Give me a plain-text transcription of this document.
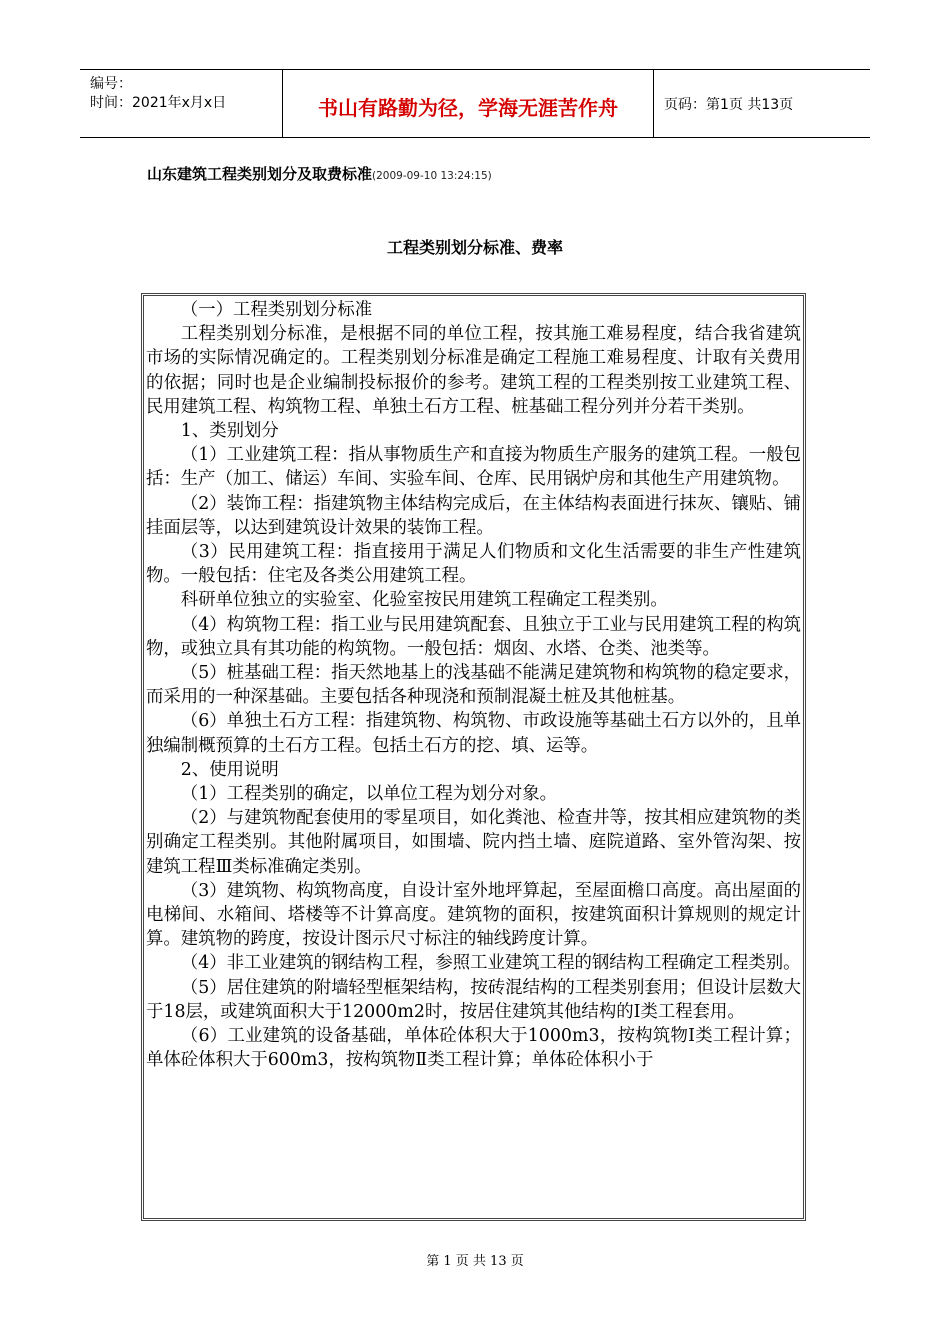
编号：
时间：2021年x月x日	书山有路勤为径，学海无涯苦作舟	页码：第1页 共13页
山东建筑工程类别划分及取费标准(2009-09-10 13:24:15)
工程类别划分标准、费率

（一）工程类别划分标准

工程类别划分标准，是根据不同的单位工程，按其施工难易程度，结合我省建筑市场的实际情况确定的。工程类别划分标准是确定工程施工难易程度、计取有关费用的依据；同时也是企业编制投标报价的参考。建筑工程的工程类别按工业建筑工程、民用建筑工程、构筑物工程、单独土石方工程、桩基础工程分列并分若干类别。

1、类别划分

（1）工业建筑工程：指从事物质生产和直接为物质生产服务的建筑工程。一般包括：生产（加工、储运）车间、实验车间、仓库、民用锅炉房和其他生产用建筑物。

（2）装饰工程：指建筑物主体结构完成后，在主体结构表面进行抹灰、镶贴、铺挂面层等，以达到建筑设计效果的装饰工程。

（3）民用建筑工程：指直接用于满足人们物质和文化生活需要的非生产性建筑物。一般包括：住宅及各类公用建筑工程。

科研单位独立的实验室、化验室按民用建筑工程确定工程类别。

（4）构筑物工程：指工业与民用建筑配套、且独立于工业与民用建筑工程的构筑物，或独立具有其功能的构筑物。一般包括：烟囱、水塔、仓类、池类等。

（5）桩基础工程：指天然地基上的浅基础不能满足建筑物和构筑物的稳定要求，而采用的一种深基础。主要包括各种现浇和预制混凝土桩及其他桩基。

（6）单独土石方工程：指建筑物、构筑物、市政设施等基础土石方以外的，且单独编制概预算的土石方工程。包括土石方的挖、填、运等。

2、使用说明

（1）工程类别的确定，以单位工程为划分对象。

（2）与建筑物配套使用的零星项目，如化粪池、检查井等，按其相应建筑物的类别确定工程类别。其他附属项目，如围墙、院内挡土墙、庭院道路、室外管沟架、按建筑工程Ⅲ类标准确定类别。

（3）建筑物、构筑物高度，自设计室外地坪算起，至屋面檐口高度。高出屋面的电梯间、水箱间、塔楼等不计算高度。建筑物的面积，按建筑面积计算规则的规定计算。建筑物的跨度，按设计图示尺寸标注的轴线跨度计算。

（4）非工业建筑的钢结构工程，参照工业建筑工程的钢结构工程确定工程类别。

（5）居住建筑的附墙轻型框架结构，按砖混结构的工程类别套用；但设计层数大于18层，或建筑面积大于12000m2时，按居住建筑其他结构的Ⅰ类工程套用。

（6）工业建筑的设备基础，单体砼体积大于1000m3，按构筑物Ⅰ类工程计算；单体砼体积大于600m3，按构筑物Ⅱ类工程计算；单体砼体积小于

第 1 页 共 13 页
